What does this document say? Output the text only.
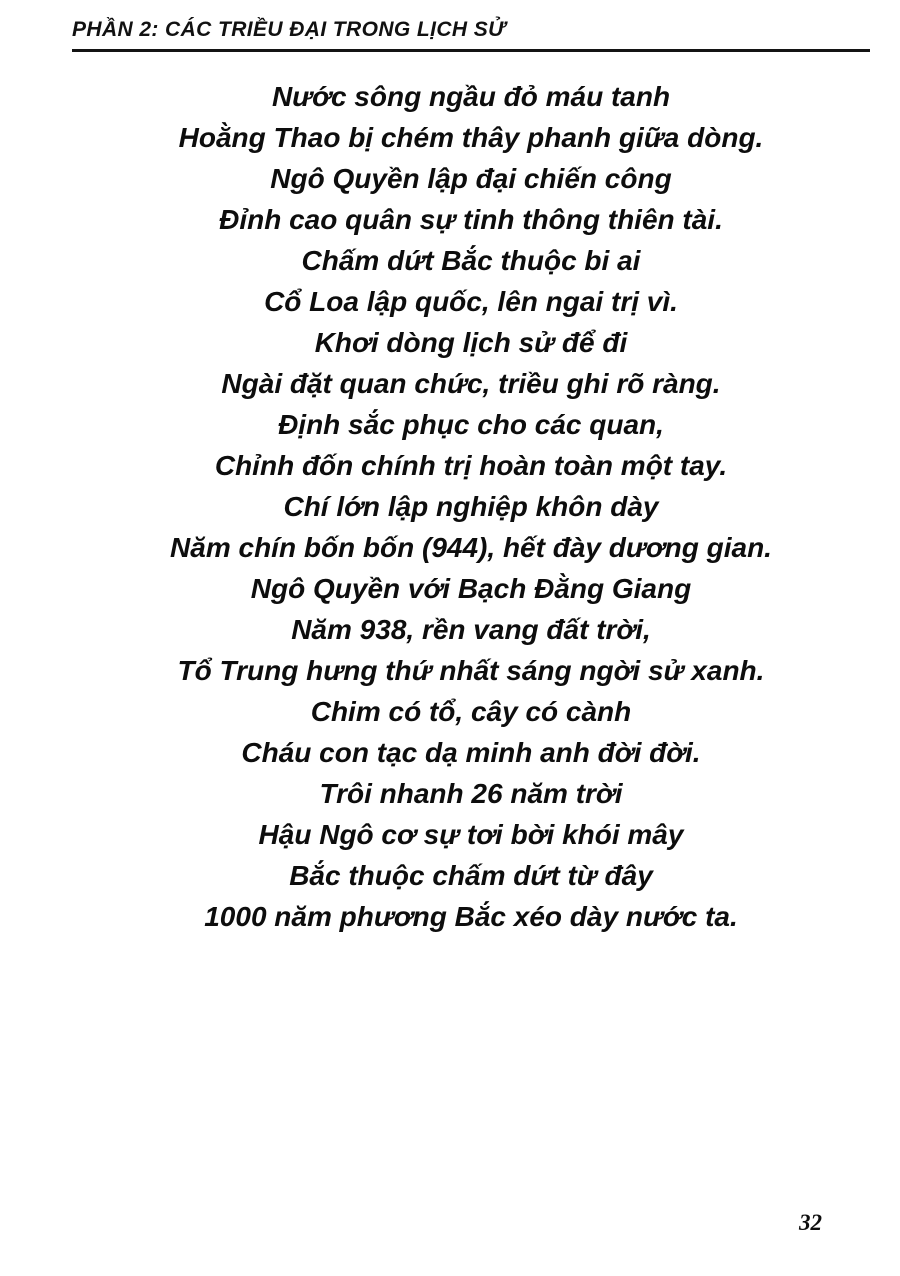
PHẦN 2: CÁC TRIỀU ĐẠI TRONG LỊCH SỬ
Nước sông ngầu đỏ máu tanh
Hoằng Thao bị chém thây phanh giữa dòng.
Ngô Quyền lập đại chiến công
Đỉnh cao quân sự tinh thông thiên tài.
Chấm dứt Bắc thuộc bi ai
Cổ Loa lập quốc, lên ngai trị vì.
Khơi dòng lịch sử để đi
Ngài đặt quan chức, triều ghi rõ ràng.
Định sắc phục cho các quan,
Chỉnh đốn chính trị hoàn toàn một tay.
Chí lớn lập nghiệp khôn dày
Năm chín bốn bốn (944), hết đày dương gian.
Ngô Quyền với Bạch Đằng Giang
Năm 938, rền vang đất trời,
Tổ Trung hưng thứ nhất sáng ngời sử xanh.
Chim có tổ, cây có cành
Cháu con tạc dạ minh anh đời đời.
Trôi nhanh 26 năm trời
Hậu Ngô cơ sự tơi bời khói mây
Bắc thuộc chấm dứt từ đây
1000 năm phương Bắc xéo dày nước ta.
32
